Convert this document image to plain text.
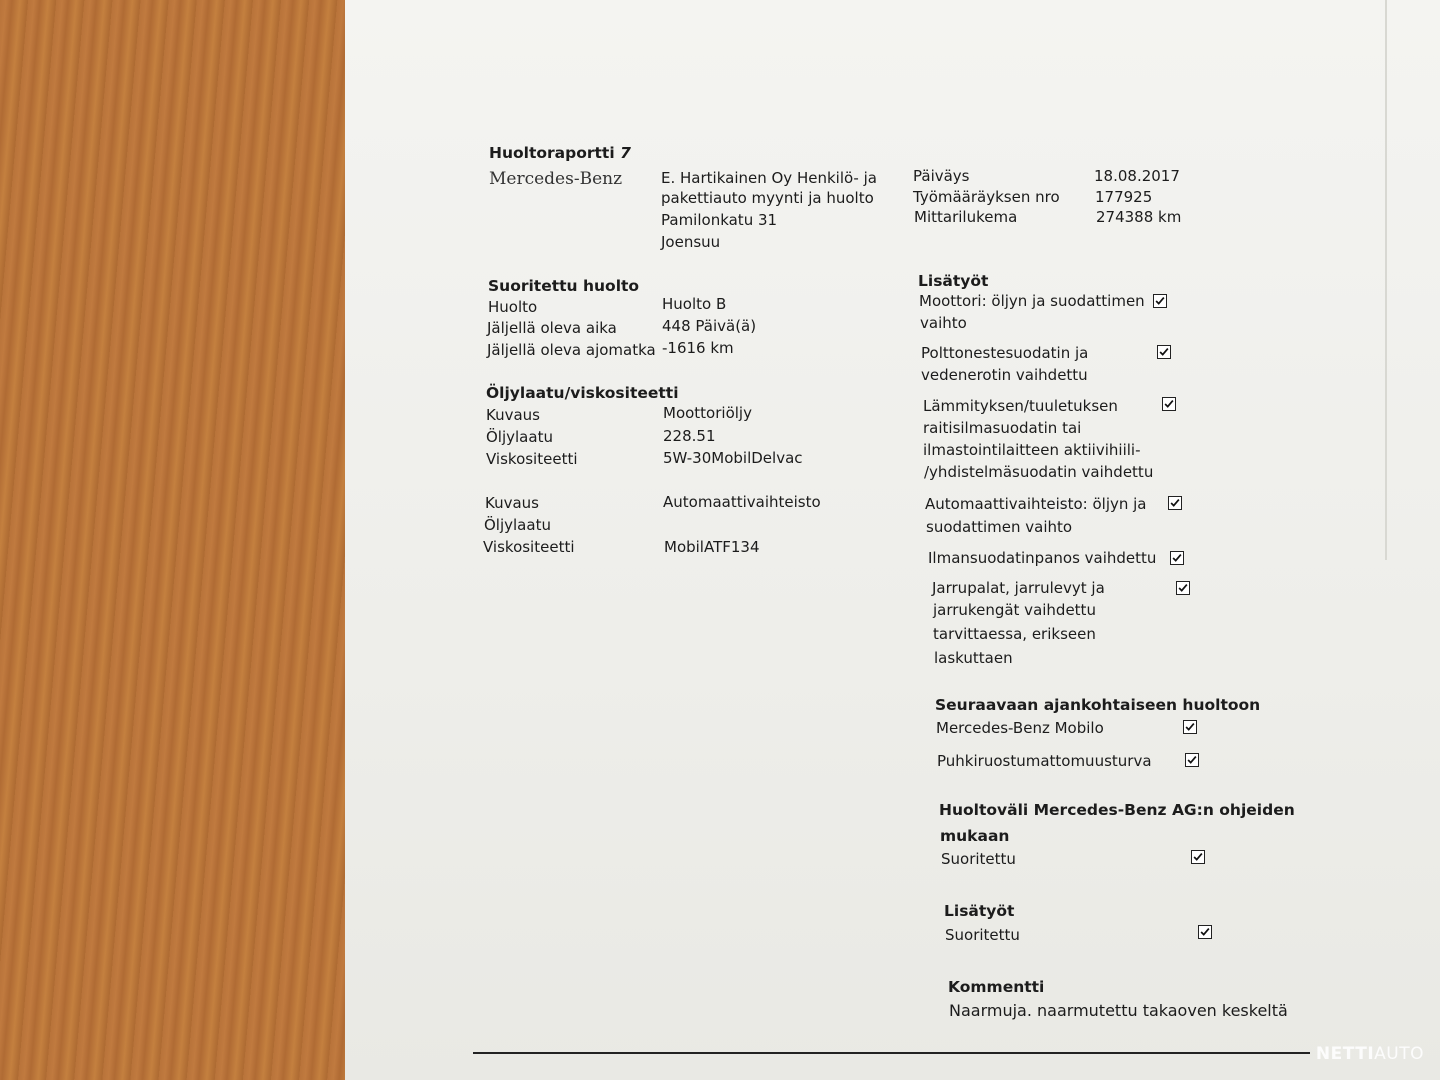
Huoltoraportti 7
Mercedes-Benz	E. Hartikainen Oy Henkilö- ja
pakettiauto myynti ja huolto
Pamilonkatu 31
Joensuu
Päiväys	18.08.2017
Työmääräyksen nro 177925
Mittarilukema	274388 km
Suoritettu huolto
Huolto	Huolto B
Jäljellä oleva aika	448 Päivä(ä)
Jäljellä oleva ajomatka -1616 km
Öljylaatu/viskositeetti
Kuvaus	Moottoriöljy
Öljylaatu	228.51
Viskositeetti	5W-30MobilDelvac
Kuvaus	Automaattivaihteisto
Öljylaatu
Viskositeetti	MobilATF134
Lisätyöt
Moottori: öljyn ja suodattimen
vaihto
Polttonestesuodatin ja
vedenerotin vaihdettu
Lämmityksen/tuuletuksen
raitisilmasuodatin tai
ilmastointilaitteen aktiivihiili-
/yhdistelmäsuodatin vaihdettu
Automaattivaihteisto: öljyn ja
suodattimen vaihto
Ilmansuodatinpanos vaihdettu
Jarrupalat, jarrulevyt ja
jarrukengät vaihdettu
tarvittaessa, erikseen
laskuttaen
Seuraavaan ajankohtaiseen huoltoon
Mercedes-Benz Mobilo
Puhkiruostumattomuusturva
Huoltoväli Mercedes-Benz AG:n ohjeiden
mukaan
Suoritettu
Lisätyöt
Suoritettu
Kommentti
Naarmuja. naarmutettu takaoven keskeltä
NETTIAUTO
